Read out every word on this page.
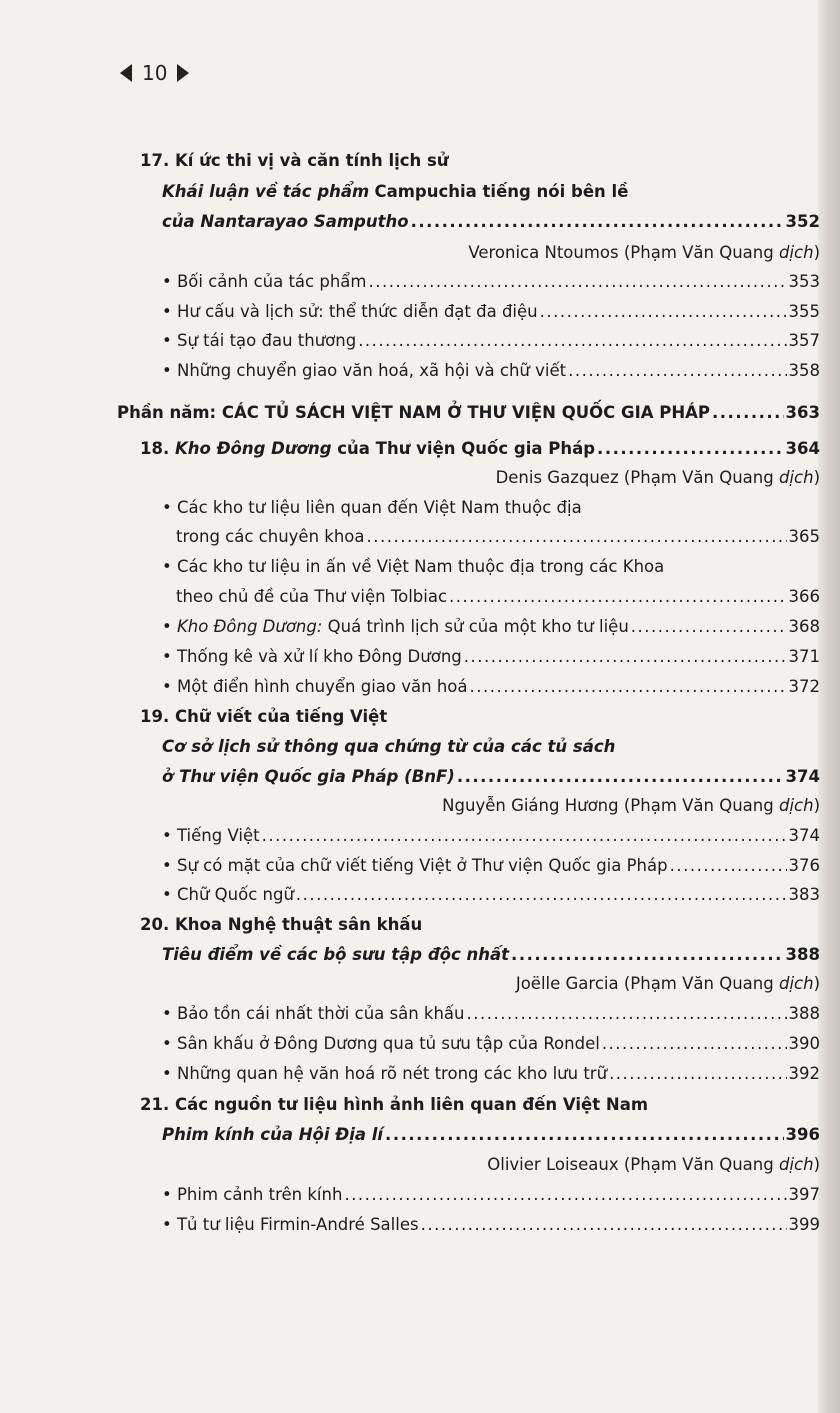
10
17. Kí ức thi vị và căn tính lịch sử
Khái luận về tác phẩm Campuchia tiếng nói bên lề
của Nantarayao Samputho .....	352
Veronica Ntoumos (Phạm Văn Quang dịch)
• Bối cảnh của tác phẩm .....	353
• Hư cấu và lịch sử: thể thức diễn đạt đa điệu .....	355
• Sự tái tạo đau thương .....	357
• Những chuyển giao văn hoá, xã hội và chữ viết .....	358
Phần năm: CÁC TỦ SÁCH VIỆT NAM Ở THƯ VIỆN QUỐC GIA PHÁP .....	363
18.
Kho Đông Dương
của Thư viện Quốc gia Pháp .....	364
Denis Gazquez (Phạm Văn Quang dịch)
• Các kho tư liệu liên quan đến Việt Nam thuộc địa
trong các chuyên khoa .....	365
• Các kho tư liệu in ấn về Việt Nam thuộc địa trong các Khoa
theo chủ đề của Thư viện Tolbiac .....	366
• Kho Đông Dương: Quá trình lịch sử của một kho tư liệu .....	368
• Thống kê và xử lí kho Đông Dương .....	371
• Một điển hình chuyển giao văn hoá .....	372
19. Chữ viết của tiếng Việt
Cơ sở lịch sử thông qua chứng từ của các tủ sách
ở Thư viện Quốc gia Pháp (BnF) .....	374
Nguyễn Giáng Hương (Phạm Văn Quang dịch)
• Tiếng Việt .....	374
• Sự có mặt của chữ viết tiếng Việt ở Thư viện Quốc gia Pháp .....	376
• Chữ Quốc ngữ .....	383
20. Khoa Nghệ thuật sân khấu
Tiêu điểm về các bộ sưu tập độc nhất .....	388
Joëlle Garcia (Phạm Văn Quang dịch)
• Bảo tồn cái nhất thời của sân khấu .....	388
• Sân khấu ở Đông Dương qua tủ sưu tập của Rondel .....	390
• Những quan hệ văn hoá rõ nét trong các kho lưu trữ .....	392
21. Các nguồn tư liệu hình ảnh liên quan đến Việt Nam
Phim kính của Hội Địa lí .....	396
Olivier Loiseaux (Phạm Văn Quang dịch)
• Phim cảnh trên kính .....	397
• Tủ tư liệu Firmin-André Salles .....	399
